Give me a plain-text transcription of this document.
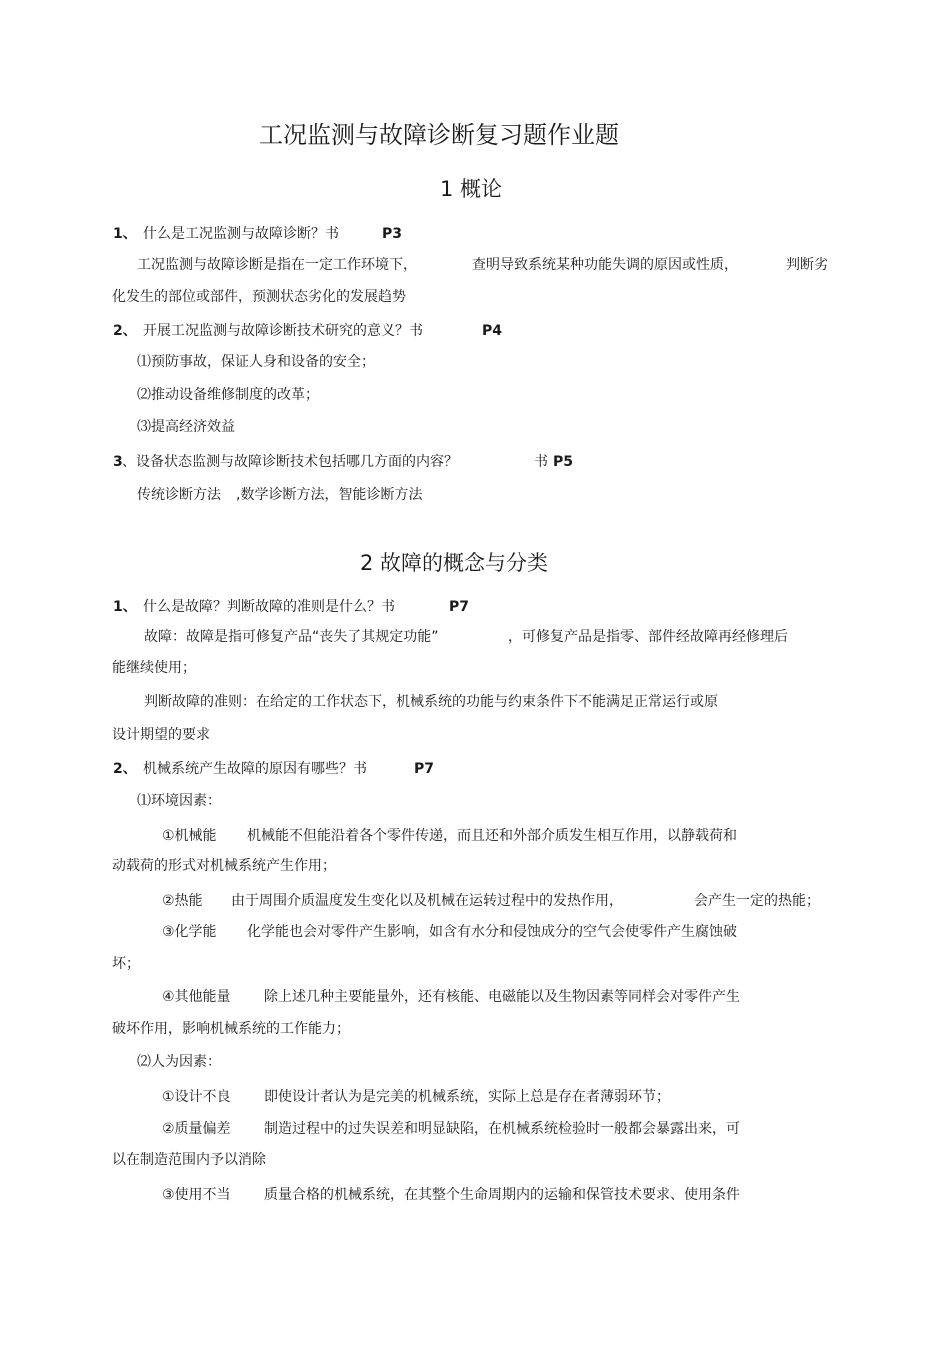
工况监测与故障诊断复习题作业题
1 概论
1、 什么是工况监测与故障诊断？书	P3
工况监测与故障诊断是指在一定工作环境下，	查明导致系统某种功能失调的原因或性质，	判断劣
化发生的部位或部件，预测状态劣化的发展趋势
2、 开展工况监测与故障诊断技术研究的意义？书	P4
⑴预防事故，保证人身和设备的安全；
⑵推动设备维修制度的改革；
⑶提高经济效益
3 、设备状态监测与故障诊断技术包括哪几方面的内容？	书 P5
传统诊断方法 ,数学诊断方法，智能诊断方法
2 故障的概念与分类
1、 什么是故障？判断故障的准则是什么？书	P7
故障：故障是指可修复产品“丧失了其规定功能”	，可修复产品是指零、部件经故障再经修理后
能继续使用；
判断故障的准则：在给定的工作状态下，机械系统的功能与约束条件下不能满足正常运行或原
设计期望的要求
2、 机械系统产生故障的原因有哪些？书	P7
⑴环境因素：
①机械能 机械能不但能沿着各个零件传递，而且还和外部介质发生相互作用，以静载荷和
动载荷的形式对机械系统产生作用；
②热能 由于周围介质温度发生变化以及机械在运转过程中的发热作用，	会产生一定的热能；
③化学能 化学能也会对零件产生影响，如含有水分和侵蚀成分的空气会使零件产生腐蚀破
坏；
④其他能量 除上述几种主要能量外，还有核能、电磁能以及生物因素等同样会对零件产生
破坏作用，影响机械系统的工作能力；
⑵人为因素：
①设计不良 即使设计者认为是完美的机械系统，实际上总是存在者薄弱环节；
②质量偏差 制造过程中的过失误差和明显缺陷，在机械系统检验时一般都会暴露出来，可
以在制造范围内予以消除
③使用不当 质量合格的机械系统，在其整个生命周期内的运输和保管技术要求、使用条件
